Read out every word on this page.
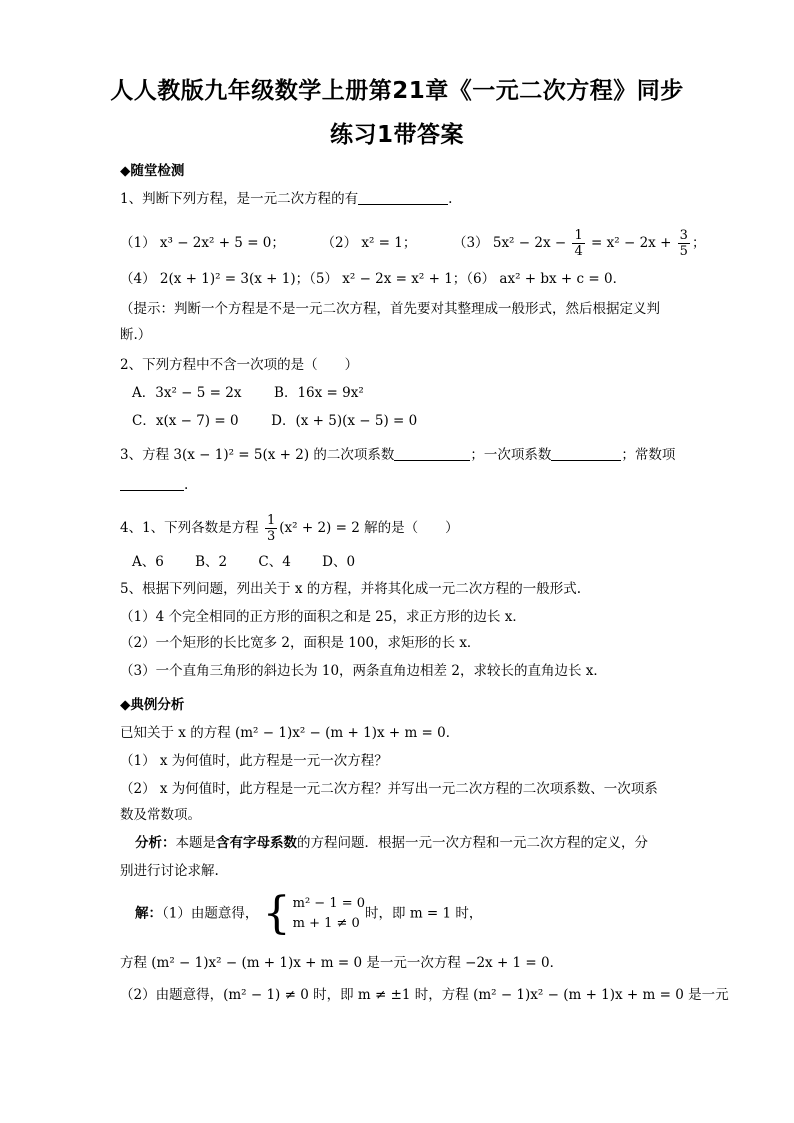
人人教版九年级数学上册第21章《一元二次方程》同步
练习1带答案
◆随堂检测
1、判断下列方程，是一元二次方程的有	.
（1） x³ − 2x² + 5 = 0；	（2） x² = 1；	（3） $5x^2 - 2x - \frac{1}{4} = x^2 - 2x + \frac{3}{5}$ ；
（4） 2(x + 1)² = 3(x + 1)；（5） x² − 2x = x² + 1；（6） ax² + bx + c = 0．
（提示：判断一个方程是不是一元二次方程，首先要对其整理成一般形式，然后根据定义判
断.）
2、下列方程中不含一次项的是（　　）
A．3x² − 5 = 2x B．16x = 9x²
C．x(x − 7) = 0 D．(x + 5)(x − 5) = 0
3、方程 3(x − 1)² = 5(x + 2) 的二次项系数	；一次项系数	；常数项
.
4、1、下列各数是方程 $\frac{1}{3} (x^2 + 2) = 2$ 解的是（　　）
A、6　　 B、2　　 C、4　　 D、0
5、根据下列问题，列出关于 x 的方程，并将其化成一元二次方程的一般形式.
（1）4 个完全相同的正方形的面积之和是 25，求正方形的边长 x．
（2）一个矩形的长比宽多 2，面积是 100，求矩形的长 x．
（3）一个直角三角形的斜边长为 10，两条直角边相差 2，求较长的直角边长 x．
◆典例分析
已知关于 x 的方程 (m² − 1)x² − (m + 1)x + m = 0．
（1） x 为何值时，此方程是一元一次方程？
（2） x 为何值时，此方程是一元二次方程？并写出一元二次方程的二次项系数、一次项系
数及常数项。
分析：本题是含有字母系数的方程问题．根据一元一次方程和一元二次方程的定义，分
别进行讨论求解.
解：（1）由题意得， { m² − 1 = 0
m + 1 ≠ 0
时，即 m = 1 时，
方程 (m² − 1)x² − (m + 1)x + m = 0 是一元一次方程 −2x + 1 = 0．
（2）由题意得，(m² − 1) ≠ 0 时，即 m ≠ ±1 时，方程 (m² − 1)x² − (m + 1)x + m = 0 是一元
